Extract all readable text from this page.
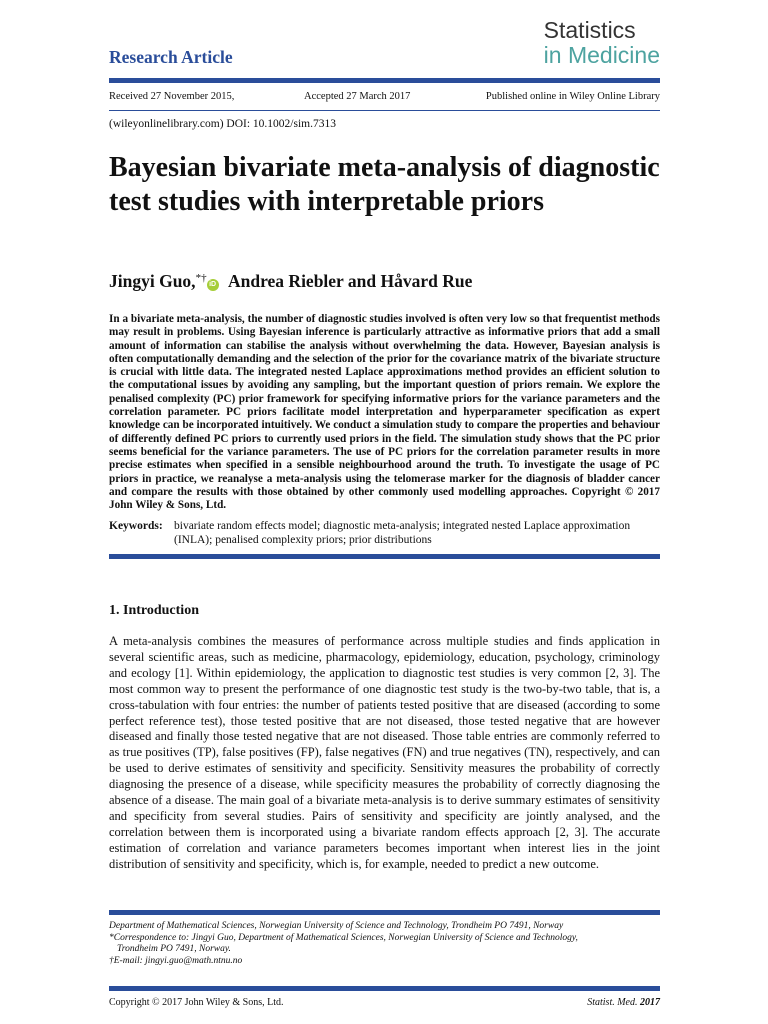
Research Article
Statistics
in Medicine
Received 27 November 2015,	Accepted 27 March 2017	Published online in Wiley Online Library
(wileyonlinelibrary.com) DOI: 10.1002/sim.7313
Bayesian bivariate meta-analysis of diagnostic test studies with interpretable priors
Jingyi Guo,*†iD Andrea Riebler and Håvard Rue

In a bivariate meta-analysis, the number of diagnostic studies involved is often very low so that frequentist methods may result in problems. Using Bayesian inference is particularly attractive as informative priors that add a small amount of information can stabilise the analysis without overwhelming the data. However, Bayesian analysis is often computationally demanding and the selection of the prior for the covariance matrix of the bivariate structure is crucial with little data. The integrated nested Laplace approximations method provides an efficient solution to the computational issues by avoiding any sampling, but the important question of priors remain. We explore the penalised complexity (PC) prior framework for specifying informative priors for the variance parameters and the correlation parameter. PC priors facilitate model interpretation and hyperparameter specification as expert knowledge can be incorporated intuitively. We conduct a simulation study to compare the properties and behaviour of differently defined PC priors to currently used priors in the field. The simulation study shows that the PC prior seems beneficial for the variance parameters. The use of PC priors for the correlation parameter results in more precise estimates when specified in a sensible neighbourhood around the truth. To investigate the usage of PC priors in practice, we reanalyse a meta-analysis using the telomerase marker for the diagnosis of bladder cancer and compare the results with those obtained by other commonly used modelling approaches. Copyright © 2017 John Wiley & Sons, Ltd.

Keywords: bivariate random effects model; diagnostic meta-analysis; integrated nested Laplace approximation (INLA); penalised complexity priors; prior distributions
1. Introduction

A meta-analysis combines the measures of performance across multiple studies and finds application in several scientific areas, such as medicine, pharmacology, epidemiology, education, psychology, criminology and ecology [1]. Within epidemiology, the application to diagnostic test studies is very common [2, 3]. The most common way to present the performance of one diagnostic test study is the two-by-two table, that is, a cross-tabulation with four entries: the number of patients tested positive that are diseased (according to some perfect reference test), those tested positive that are not diseased, those tested negative that are however diseased and finally those tested negative that are not diseased. Those table entries are commonly referred to as true positives (TP), false positives (FP), false negatives (FN) and true negatives (TN), respectively, and can be used to derive estimates of sensitivity and specificity. Sensitivity measures the probability of correctly diagnosing the presence of a disease, while specificity measures the probability of correctly diagnosing the absence of a disease. The main goal of a bivariate meta-analysis is to derive summary estimates of sensitivity and specificity from several studies. Pairs of sensitivity and specificity are jointly analysed, and the correlation between them is incorporated using a bivariate random effects approach [2, 3]. The accurate estimation of correlation and variance parameters becomes important when interest lies in the joint distribution of sensitivity and specificity, which is, for example, needed to predict a new outcome.

Department of Mathematical Sciences, Norwegian University of Science and Technology, Trondheim PO 7491, Norway
*Correspondence to: Jingyi Guo, Department of Mathematical Sciences, Norwegian University of Science and Technology,
Trondheim PO 7491, Norway.
†E-mail: jingyi.guo@math.ntnu.no
Copyright © 2017 John Wiley & Sons, Ltd.	Statist. Med. 2017
